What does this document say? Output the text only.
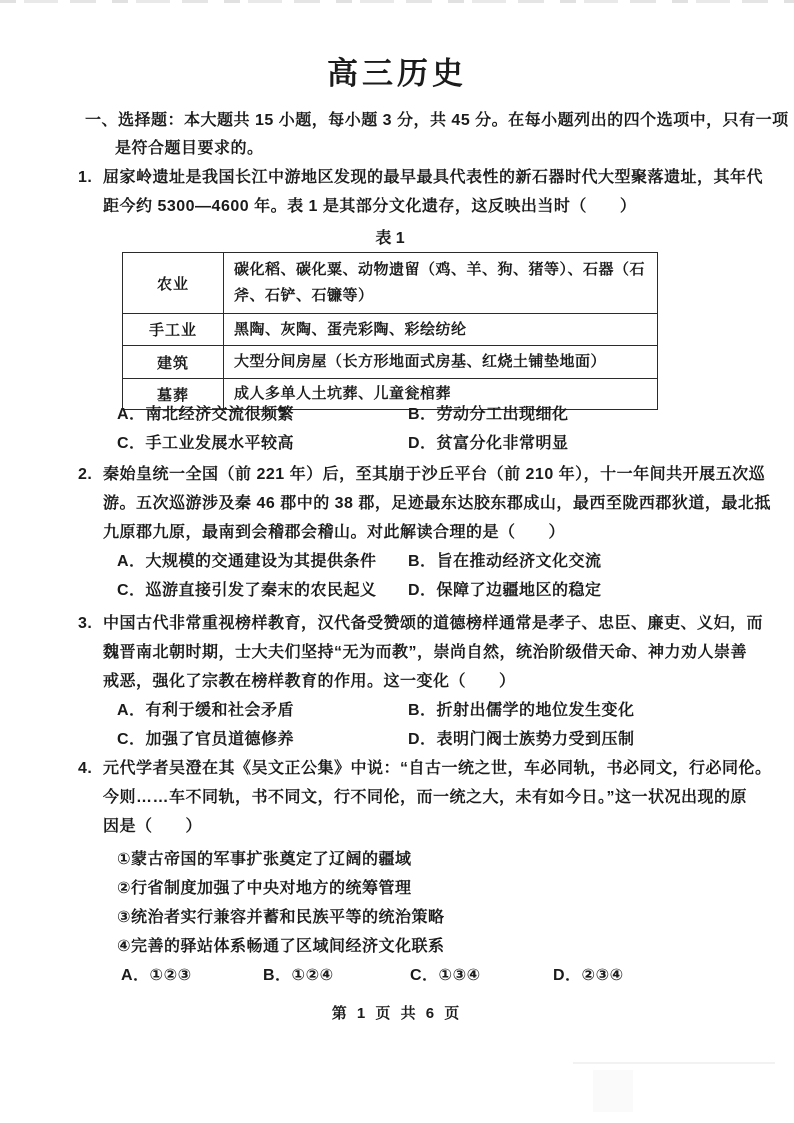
高三历史
一、选择题：本大题共 15 小题，每小题 3 分，共 45 分。在每小题列出的四个选项中，只有一项
是符合题目要求的。
1. 屈家岭遗址是我国长江中游地区发现的最早最具代表性的新石器时代大型聚落遗址，其年代
距今约 5300—4600 年。表 1 是其部分文化遗存，这反映出当时（　　）
表 1
农业	碳化稻、碳化粟、动物遗留（鸡、羊、狗、猪等）、石器（石斧、石铲、石镰等）
手工业	黑陶、灰陶、蛋壳彩陶、彩绘纺纶
建筑	大型分间房屋（长方形地面式房基、红烧土铺垫地面）
墓葬	成人多单人土坑葬、儿童瓮棺葬
A．南北经济交流很频繁	B．劳动分工出现细化
C．手工业发展水平较高	D．贫富分化非常明显
2. 秦始皇统一全国（前 221 年）后，至其崩于沙丘平台（前 210 年），十一年间共开展五次巡
游。五次巡游涉及秦 46 郡中的 38 郡，足迹最东达胶东郡成山，最西至陇西郡狄道，最北抵
九原郡九原，最南到会稽郡会稽山。对此解读合理的是（　　）
A．大规模的交通建设为其提供条件 B．旨在推动经济文化交流
C．巡游直接引发了秦末的农民起义 D．保障了边疆地区的稳定
3. 中国古代非常重视榜样教育，汉代备受赞颂的道德榜样通常是孝子、忠臣、廉吏、义妇，而
魏晋南北朝时期，士大夫们坚持“无为而教”，崇尚自然，统治阶级借天命、神力劝人崇善
戒恶，强化了宗教在榜样教育的作用。这一变化（　　）
A．有利于缓和社会矛盾	B．折射出儒学的地位发生变化
C．加强了官员道德修养	D．表明门阀士族势力受到压制
4. 元代学者吴澄在其《吴文正公集》中说：“自古一统之世，车必同轨，书必同文，行必同伦。
今则……车不同轨，书不同文，行不同伦，而一统之大，未有如今日。”这一状况出现的原
因是（　　）
①蒙古帝国的军事扩张奠定了辽阔的疆域
②行省制度加强了中央对地方的统筹管理
③统治者实行兼容并蓄和民族平等的统治策略
④完善的驿站体系畅通了区域间经济文化联系
A．①②③	B．①②④	C．①③④	D．②③④
第 1 页 共 6 页
